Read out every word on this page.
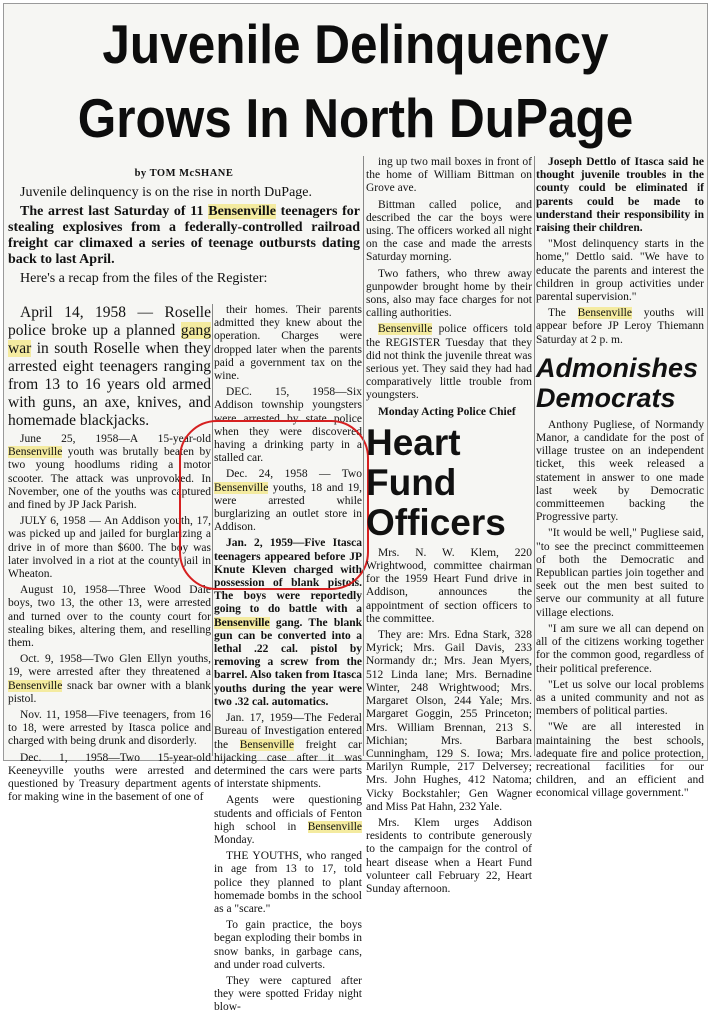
Juvenile Delinquency
Grows In North DuPage
by TOM McSHANE

Juvenile delinquency is on the rise in north DuPage.

The arrest last Saturday of 11 Bensenville teenagers for stealing explosives from a federally-controlled railroad freight car climaxed a series of teenage outbursts dating back to last April.

Here's a recap from the files of the Register:

April 14, 1958 — Roselle police broke up a planned gang war in south Roselle when they arrested eight teenagers ranging from 13 to 16 years old armed with guns, an axe, knives, and homemade blackjacks.

June 25, 1958—A 15-year-old Bensenville youth was brutally beaten by two young hoodlums riding a motor scooter. The attack was unprovoked. In November, one of the youths was captured and fined by JP Jack Parish.

JULY 6, 1958 — An Addison youth, 17, was picked up and jailed for burglarizing a drive in of more than $600. The boy was later involved in a riot at the county jail in Wheaton.

August 10, 1958—Three Wood Dale boys, two 13, the other 13, were arrested and turned over to the county court for stealing bikes, altering them, and reselling them.

Oct. 9, 1958—Two Glen Ellyn youths, 19, were arrested after they threatened a Bensenville snack bar owner with a blank pistol.

Nov. 11, 1958—Five teenagers, from 16 to 18, were arrested by Itasca police and charged with being drunk and disorderly.

Dec. 1, 1958—Two 15-year-old Keeneyville youths were arrested and questioned by Treasury department agents for making wine in the basement of one of

their homes. Their parents admitted they knew about the operation. Charges were dropped later when the parents paid a government tax on the wine.

DEC. 15, 1958—Six Addison township youngsters were arrested by state police when they were discovered having a drinking party in a stalled car.

Dec. 24, 1958 — Two Bensenville youths, 18 and 19, were arrested while burglarizing an outlet store in Addison.

Jan. 2, 1959—Five Itasca teenagers appeared before JP Knute Kleven charged with possession of blank pistols. The boys were reportedly going to do battle with a Bensenville gang. The blank gun can be converted into a lethal .22 cal. pistol by removing a screw from the barrel. Also taken from Itasca youths during the year were two .32 cal. automatics.

Jan. 17, 1959—The Federal Bureau of Investigation entered the Bensenville freight car hijacking case after it was determined the cars were parts of interstate shipments.

Agents were questioning students and officials of Fenton high school in Bensenville Monday.

THE YOUTHS, who ranged in age from 13 to 17, told police they planned to plant homemade bombs in the school as a "scare."

To gain practice, the boys began exploding their bombs in snow banks, in garbage cans, and under road culverts.

They were captured after they were spotted Friday night blow-

ing up two mail boxes in front of the home of William Bittman on Grove ave.

Bittman called police, and described the car the boys were using. The officers worked all night on the case and made the arrests Saturday morning.

Two fathers, who threw away gunpowder brought home by their sons, also may face charges for not calling authorities.

Bensenville police officers told the REGISTER Tuesday that they did not think the juvenile threat was serious yet. They said they had had comparatively little trouble from youngsters.

Monday Acting Police Chief

Heart Fund Officers

Mrs. N. W. Klem, 220 Wrightwood, committee chairman for the 1959 Heart Fund drive in Addison, announces the appointment of section officers to the committee.

They are: Mrs. Edna Stark, 328 Myrick; Mrs. Gail Davis, 233 Normandy dr.; Mrs. Jean Myers, 512 Linda lane; Mrs. Bernadine Winter, 248 Wrightwood; Mrs. Margaret Olson, 244 Yale; Mrs. Margaret Goggin, 255 Princeton; Mrs. William Brennan, 213 S. Michian; Mrs. Barbara Cunningham, 129 S. Iowa; Mrs. Marilyn Rumple, 217 Delversey; Mrs. John Hughes, 412 Natoma; Vicky Bockstahler; Gen Wagner and Miss Pat Hahn, 232 Yale.

Mrs. Klem urges Addison residents to contribute generously to the campaign for the control of heart disease when a Heart Fund volunteer call February 22, Heart Sunday afternoon.

Joseph Dettlo of Itasca said he thought juvenile troubles in the county could be eliminated if parents could be made to understand their responsibility in raising their children.

"Most delinquency starts in the home," Dettlo said. "We have to educate the parents and interest the children in group activities under parental supervision."

The Bensenville youths will appear before JP Leroy Thiemann Saturday at 2 p. m.

Admonishes Democrats

Anthony Pugliese, of Normandy Manor, a candidate for the post of village trustee on an independent ticket, this week released a statement in answer to one made last week by Democratic committeemen backing the Progressive party.

"It would be well," Pugliese said, "to see the precinct committeemen of both the Democratic and Republican parties join together and seek out the men best suited to serve our community at all future village elections.

"I am sure we all can depend on all of the citizens working together for the common good, regardless of their political preference.

"Let us solve our local problems as a united community and not as members of political parties.

"We are all interested in maintaining the best schools, adequate fire and police protection, recreational facilities for our children, and an efficient and economical village government."
